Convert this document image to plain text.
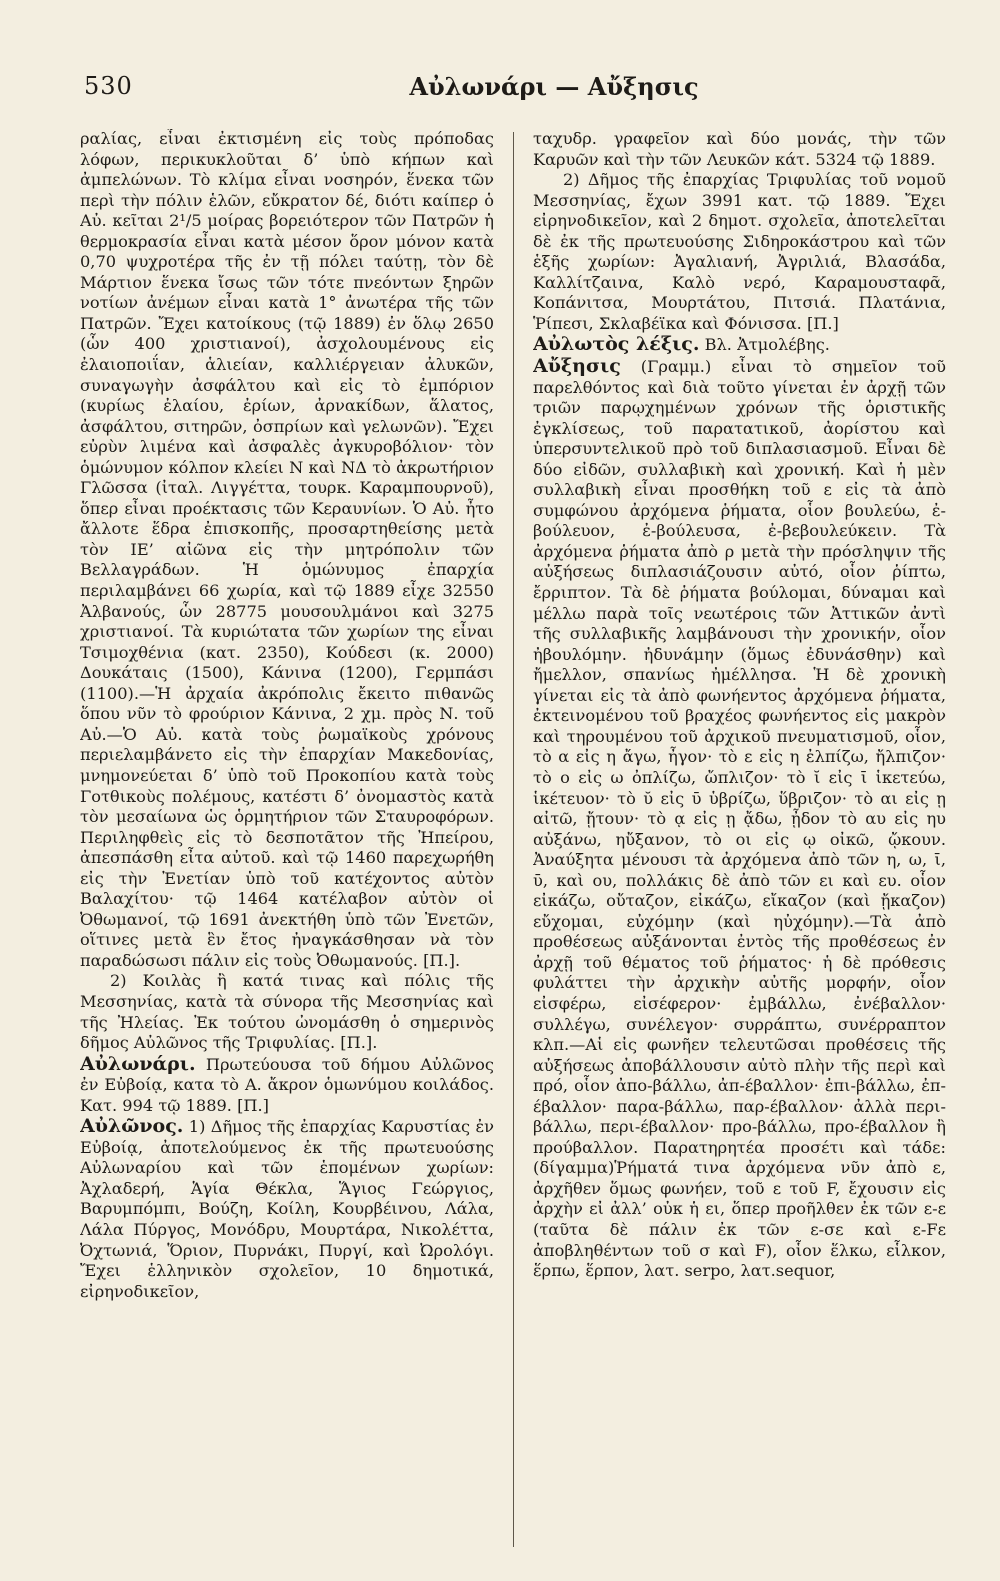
530	Αὐλωνάρι — Αὔξησις

ραλίας, εἶναι ἐκτισμένη εἰς τοὺς πρόποδας λόφων, περικυκλοῦται δ’ ὑπὸ κήπων καὶ ἀμπελώνων. Τὸ κλίμα εἶναι νοσηρόν, ἕνεκα τῶν περὶ τὴν πόλιν ἑλῶν, εὔκρατον δέ, διότι καίπερ ὁ Αὐ. κεῖται 2¹/5 μοίρας βορειότερον τῶν Πατρῶν ἡ θερμοκρασία εἶναι κατὰ μέσον ὅρον μόνον κατὰ 0,70 ψυχροτέρα τῆς ἐν τῇ πόλει ταύτῃ, τὸν δὲ Μάρτιον ἕνεκα ἴσως τῶν τότε πνεόντων ξηρῶν νοτίων ἀνέμων εἶναι κατὰ 1° ἀνωτέρα τῆς τῶν Πατρῶν. Ἔχει κατοίκους (τῷ 1889) ἐν ὅλῳ 2650 (ὧν 400 χριστιανοί), ἀσχολουμένους εἰς ἐλαιοποιΐαν, ἁλιείαν, καλλιέργειαν ἀλυκῶν, συναγωγὴν ἀσφάλτου καὶ εἰς τὸ ἐμπόριον (κυρίως ἐλαίου, ἐρίων, ἀρνακίδων, ἅλατος, ἀσφάλτου, σιτηρῶν, ὀσπρίων καὶ γελωνῶν). Ἔχει εὐρὺν λιμένα καὶ ἀσφαλὲς ἀγκυροβόλιον· τὸν ὁμώνυμον κόλπον κλείει Ν καὶ ΝΔ τὸ ἀκρωτήριον Γλῶσσα (ἰταλ. Λιγγέττα, τουρκ. Καραμπουρνοῦ), ὅπερ εἶναι προέκτασις τῶν Κεραυνίων. Ὁ Αὐ. ἦτο ἄλλοτε ἕδρα ἐπισκοπῆς, προσαρτηθείσης μετὰ τὸν ΙΕ’ αἰῶνα εἰς τὴν μητρόπολιν τῶν Βελλαγράδων. Ἡ ὁμώνυμος ἐπαρχία περιλαμβάνει 66 χωρία, καὶ τῷ 1889 εἶχε 32550 Ἀλβανούς, ὧν 28775 μουσουλμάνοι καὶ 3275 χριστιανοί. Τὰ κυριώτατα τῶν χωρίων της εἶναι Τσιμοχθένια (κατ. 2350), Κούδεσι (κ. 2000) Δουκάταις (1500), Κάνινα (1200), Γερμπάσι (1100).—Ἡ ἀρχαία ἀκρόπολις ἔκειτο πιθανῶς ὅπου νῦν τὸ φρούριον Κάνινα, 2 χμ. πρὸς Ν. τοῦ Αὐ.—Ὁ Αὐ. κατὰ τοὺς ῥωμαϊκοὺς χρόνους περιελαμβάνετο εἰς τὴν ἐπαρχίαν Μακεδονίας, μνημονεύεται δ’ ὑπὸ τοῦ Προκοπίου κατὰ τοὺς Γοτθικοὺς πολέμους, κατέστι δ’ ὀνομαστὸς κατὰ τὸν μεσαίωνα ὡς ὁρμητήριον τῶν Σταυροφόρων. Περιληφθεὶς εἰς τὸ δεσποτᾶτον τῆς Ἠπείρου, ἀπεσπάσθη εἶτα αὐτοῦ. καὶ τῷ 1460 παρεχωρήθη εἰς τὴν Ἐνετίαν ὑπὸ τοῦ κατέχοντος αὐτὸν Βαλαχίτου· τῷ 1464 κατέλαβον αὐτὸν οἱ Ὀθωμανοί, τῷ 1691 ἀνεκτήθη ὑπὸ τῶν Ἐνετῶν, οἵτινες μετὰ ἓν ἔτος ἠναγκάσθησαν νὰ τὸν παραδώσωσι πάλιν εἰς τοὺς Ὀθωμανούς. [Π.].

2) Κοιλὰς ἢ κατά τινας καὶ πόλις τῆς Μεσσηνίας, κατὰ τὰ σύνορα τῆς Μεσσηνίας καὶ τῆς Ἠλείας. Ἐκ τούτου ὠνομάσθη ὁ σημερινὸς δῆμος Αὐλῶνος τῆς Τριφυλίας. [Π.].

Αὐλωνάρι. Πρωτεύουσα τοῦ δήμου Αὐλῶνος ἐν Εὐβοίᾳ, κατα τὸ Α. ἄκρον ὁμωνύμου κοιλάδος. Κατ. 994 τῷ 1889. [Π.]

Αὐλῶνος. 1) Δῆμος τῆς ἐπαρχίας Καρυστίας ἐν Εὐβοίᾳ, ἀποτελούμενος ἐκ τῆς πρωτευούσης Αὐλωναρίου καὶ τῶν ἑπομένων χωρίων: Ἀχλαδερή, Ἁγία Θέκλα, Ἅγιος Γεώργιος, Βαρυμπόμπι, Βούζη, Κοίλη, Κουρβέινου, Λάλα, Λάλα Πύργος, Μονόδρυ, Μουρτάρα, Νικολέττα, Ὀχτωνιά, Ὅριον, Πυρνάκι, Πυργί, καὶ Ὠρολόγι. Ἔχει ἑλληνικὸν σχολεῖον, 10 δημοτικά, εἰρηνοδικεῖον,

ταχυδρ. γραφεῖον καὶ δύο μονάς, τὴν τῶν Καρυῶν καὶ τὴν τῶν Λευκῶν κάτ. 5324 τῷ 1889.

2) Δῆμος τῆς ἐπαρχίας Τριφυλίας τοῦ νομοῦ Μεσσηνίας, ἔχων 3991 κατ. τῷ 1889. Ἔχει εἰρηνοδικεῖον, καὶ 2 δημοτ. σχολεῖα, ἀποτελεῖται δὲ ἐκ τῆς πρωτευούσης Σιδηροκάστρου καὶ τῶν ἑξῆς χωρίων: Ἀγαλιανή, Ἀγριλιά, Βλασάδα, Καλλίτζαινα, Καλὸ νερό, Καραμουσταφᾶ, Κοπάνιτσα, Μουρτάτου, Πιτσιά. Πλατάνια, Ῥίπεσι, Σκλαβέϊκα καὶ Φόνισσα. [Π.]

Αὐλωτὸς λέξις. Βλ. Ἀτμολέβης.

Αὔξησις (Γραμμ.) εἶναι τὸ σημεῖον τοῦ παρελθόντος καὶ διὰ τοῦτο γίνεται ἐν ἀρχῇ τῶν τριῶν παρῳχημένων χρόνων τῆς ὁριστικῆς ἐγκλίσεως, τοῦ παρατατικοῦ, ἀορίστου καὶ ὑπερσυντελικοῦ πρὸ τοῦ διπλασιασμοῦ. Εἶναι δὲ δύο εἰδῶν, συλλαβικὴ καὶ χρονική. Καὶ ἡ μὲν συλλαβικὴ εἶναι προσθήκη τοῦ ε εἰς τὰ ἀπὸ συμφώνου ἀρχόμενα ῥήματα, οἷον βουλεύω, ἐ-βούλευον, ἐ-βούλευσα, ἐ-βεβουλεύκειν. Τὰ ἀρχόμενα ῥήματα ἀπὸ ρ μετὰ τὴν πρόσληψιν τῆς αὐξήσεως διπλασιάζουσιν αὐτό, οἷον ῥίπτω, ἔρριπτον. Τὰ δὲ ῥήματα βούλομαι, δύναμαι καὶ μέλλω παρὰ τοῖς νεωτέροις τῶν Ἀττικῶν ἀντὶ τῆς συλλαβικῆς λαμβάνουσι τὴν χρονικήν, οἷον ἠβουλόμην. ἠδυνάμην (ὅμως ἐδυνάσθην) καὶ ἤμελλον, σπανίως ἠμέλλησα. Ἡ δὲ χρονικὴ γίνεται εἰς τὰ ἀπὸ φωνήεντος ἀρχόμενα ῥήματα, ἐκτεινομένου τοῦ βραχέος φωνήεντος εἰς μακρὸν καὶ τηρουμένου τοῦ ἀρχικοῦ πνευματισμοῦ, οἷον, τὸ α εἰς η ἄγω, ἦγον· τὸ ε εἰς η ἐλπίζω, ἤλπιζον· τὸ ο εἰς ω ὀπλίζω, ὤπλιζον· τὸ ῐ εἰς ῑ ἱκετεύω, ἱκέτευον· τὸ ῠ εἰς ῡ ὑβρίζω, ὕβριζον· τὸ αι εἰς ῃ αἰτῶ, ᾔτουν· τὸ ᾳ εἰς ῃ ᾄδω, ᾖδον τὸ αυ εἰς ηυ αὐξάνω, ηὔξανον, τὸ οι εἰς ῳ οἰκῶ, ᾤκουν. Ἀναύξητα μένουσι τὰ ἀρχόμενα ἀπὸ τῶν η, ω, ῑ, ῡ, καὶ ου, πολλάκις δὲ ἀπὸ τῶν ει καὶ ευ. οἷον εἰκάζω, οὔταζον, εἰκάζω, εἴκαζον (καὶ ᾔκαζον) εὔχομαι, εὐχόμην (καὶ ηὐχόμην).—Τὰ ἀπὸ προθέσεως αὐξάνονται ἐντὸς τῆς προθέσεως ἐν ἀρχῇ τοῦ θέματος τοῦ ῥήματος· ἡ δὲ πρόθεσις φυλάττει τὴν ἀρχικὴν αὐτῆς μορφήν, οἷον εἰσφέρω, εἰσέφερον· ἐμβάλλω, ἐνέβαλλον· συλλέγω, συνέλεγον· συρράπτω, συνέρραπτον κλπ.—Αἱ εἰς φωνῆεν τελευτῶσαι προθέσεις τῆς αὐξήσεως ἀποβάλλουσιν αὐτὸ πλὴν τῆς περὶ καὶ πρό, οἷον ἀπο-βάλλω, ἀπ-έβαλλον· ἐπι-βάλλω, ἐπ-έβαλλον· παρα-βάλλω, παρ-έβαλλον· ἀλλὰ περι-βάλλω, περι-έβαλλον· προ-βάλλω, προ-έβαλλον ἢ προύβαλλον. Παρατηρητέα προσέτι καὶ τάδε:(δίγαμμα)Ῥήματά τινα ἀρχόμενα νῦν ἀπὸ ε, ἀρχῆθεν ὅμως φωνήεν, τοῦ ε τοῦ F, ἔχουσιν εἰς ἀρχὴν εἰ ἀλλ’ οὐκ ἡ ει, ὅπερ προῆλθεν ἐκ τῶν ε-ε (ταῦτα δὲ πάλιν ἐκ τῶν ε-σε καὶ ε-Fε ἀποβληθέντων τοῦ σ καὶ F), οἷον ἕλκω, εἷλκον, ἕρπω, ἕρπον, λατ. serpo, λατ.sequor,
